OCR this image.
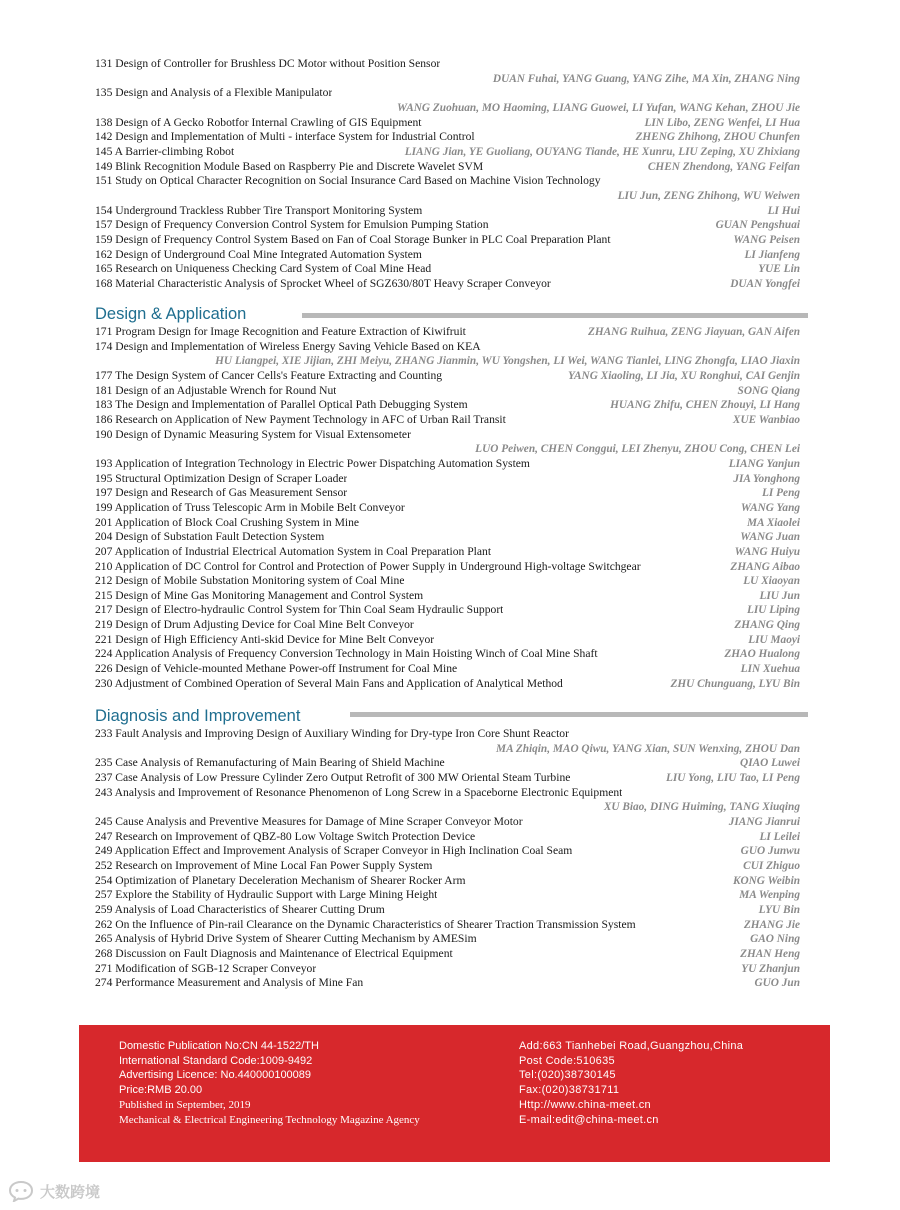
131 Design of Controller for Brushless DC Motor without Position Sensor
DUAN Fuhai, YANG Guang, YANG Zihe, MA Xin, ZHANG Ning
135 Design and Analysis of a Flexible Manipulator
WANG Zuohuan, MO Haoming, LIANG Guowei, LI Yufan, WANG Kehan, ZHOU Jie
138 Design of A Gecko Robotfor Internal Crawling of GIS Equipment	LIN Libo, ZENG Wenfei, LI Hua
142 Design and Implementation of Multi - interface System for Industrial Control	ZHENG Zhihong, ZHOU Chunfen
145 A Barrier-climbing Robot	LIANG Jian, YE Guoliang, OUYANG Tiande, HE Xunru, LIU Zeping, XU Zhixiang
149 Blink Recognition Module Based on Raspberry Pie and Discrete Wavelet SVM	CHEN Zhendong, YANG Feifan
151 Study on Optical Character Recognition on Social Insurance Card Based on Machine Vision Technology
LIU Jun, ZENG Zhihong, WU Weiwen
154 Underground Trackless Rubber Tire Transport Monitoring System	LI Hui
157 Design of Frequency Conversion Control System for Emulsion Pumping Station	GUAN Pengshuai
159 Design of Frequency Control System Based on Fan of Coal Storage Bunker in PLC Coal Preparation Plant	WANG Peisen
162 Design of Underground Coal Mine Integrated Automation System	LI Jianfeng
165 Research on Uniqueness Checking Card System of Coal Mine Head	YUE Lin
168 Material Characteristic Analysis of Sprocket Wheel of SGZ630/80T Heavy Scraper Conveyor	DUAN Yongfei
Design & Application
171 Program Design for Image Recognition and Feature Extraction of Kiwifruit	ZHANG Ruihua, ZENG Jiayuan, GAN Aifen
174 Design and Implementation of Wireless Energy Saving Vehicle Based on KEA
HU Liangpei, XIE Jijian, ZHI Meiyu, ZHANG Jianmin, WU Yongshen, LI Wei, WANG Tianlei, LING Zhongfa, LIAO Jiaxin
177 The Design System of Cancer Cells's Feature Extracting and Counting	YANG Xiaoling, LI Jia, XU Ronghui, CAI Genjin
181 Design of an Adjustable Wrench for Round Nut	SONG Qiang
183 The Design and Implementation of Parallel Optical Path Debugging System	HUANG Zhifu, CHEN Zhouyi, LI Hang
186 Research on Application of New Payment Technology in AFC of Urban Rail Transit	XUE Wanbiao
190 Design of Dynamic Measuring System for Visual Extensometer
LUO Peiwen, CHEN Conggui, LEI Zhenyu, ZHOU Cong, CHEN Lei
193 Application of Integration Technology in Electric Power Dispatching Automation System	LIANG Yanjun
195 Structural Optimization Design of Scraper Loader	JIA Yonghong
197 Design and Research of Gas Measurement Sensor	LI Peng
199 Application of Truss Telescopic Arm in Mobile Belt Conveyor	WANG Yang
201 Application of Block Coal Crushing System in Mine	MA Xiaolei
204 Design of Substation Fault Detection System	WANG Juan
207 Application of Industrial Electrical Automation System in Coal Preparation Plant	WANG Huiyu
210 Application of DC Control for Control and Protection of Power Supply in Underground High-voltage Switchgear	ZHANG Aibao
212 Design of Mobile Substation Monitoring system of Coal Mine	LU Xiaoyan
215 Design of Mine Gas Monitoring Management and Control System	LIU Jun
217 Design of Electro-hydraulic Control System for Thin Coal Seam Hydraulic Support	LIU Liping
219 Design of Drum Adjusting Device for Coal Mine Belt Conveyor	ZHANG Qing
221 Design of High Efficiency Anti-skid Device for Mine Belt Conveyor	LIU Maoyi
224 Application Analysis of Frequency Conversion Technology in Main Hoisting Winch of Coal Mine Shaft	ZHAO Hualong
226 Design of Vehicle-mounted Methane Power-off Instrument for Coal Mine	LIN Xuehua
230 Adjustment of Combined Operation of Several Main Fans and Application of Analytical Method	ZHU Chunguang, LYU Bin
Diagnosis and Improvement
233 Fault Analysis and Improving Design of Auxiliary Winding for Dry-type Iron Core Shunt Reactor
MA Zhiqin, MAO Qiwu, YANG Xian, SUN Wenxing, ZHOU Dan
235 Case Analysis of Remanufacturing of Main Bearing of Shield Machine	QIAO Luwei
237 Case Analysis of Low Pressure Cylinder Zero Output Retrofit of 300 MW Oriental Steam Turbine	LIU Yong, LIU Tao, LI Peng
243 Analysis and Improvement of Resonance Phenomenon of Long Screw in a Spaceborne Electronic Equipment
XU Biao, DING Huiming, TANG Xiuqing
245 Cause Analysis and Preventive Measures for Damage of Mine Scraper Conveyor Motor	JIANG Jianrui
247 Research on Improvement of QBZ-80 Low Voltage Switch Protection Device	LI Leilei
249 Application Effect and Improvement Analysis of Scraper Conveyor in High Inclination Coal Seam	GUO Junwu
252 Research on Improvement of Mine Local Fan Power Supply System	CUI Zhiguo
254 Optimization of Planetary Deceleration Mechanism of Shearer Rocker Arm	KONG Weibin
257 Explore the Stability of Hydraulic Support with Large Mining Height	MA Wenping
259 Analysis of Load Characteristics of Shearer Cutting Drum	LYU Bin
262 On the Influence of Pin-rail Clearance on the Dynamic Characteristics of Shearer Traction Transmission System	ZHANG Jie
265 Analysis of Hybrid Drive System of Shearer Cutting Mechanism by AMESim	GAO Ning
268 Discussion on Fault Diagnosis and Maintenance of Electrical Equipment	ZHAN Heng
271 Modification of SGB-12 Scraper Conveyor	YU Zhanjun
274 Performance Measurement and Analysis of Mine Fan	GUO Jun
Domestic Publication No:CN 44-1522/TH
International Standard Code:1009-9492
Advertising Licence: No.440000100089
Price:RMB 20.00
Published in September, 2019
Mechanical & Electrical Engineering Technology Magazine Agency
Add:663 Tianhebei Road,Guangzhou,China
Post Code:510635
Tel:(020)38730145
Fax:(020)38731711
Http://www.china-meet.cn
E-mail:edit@china-meet.cn
大数跨境
